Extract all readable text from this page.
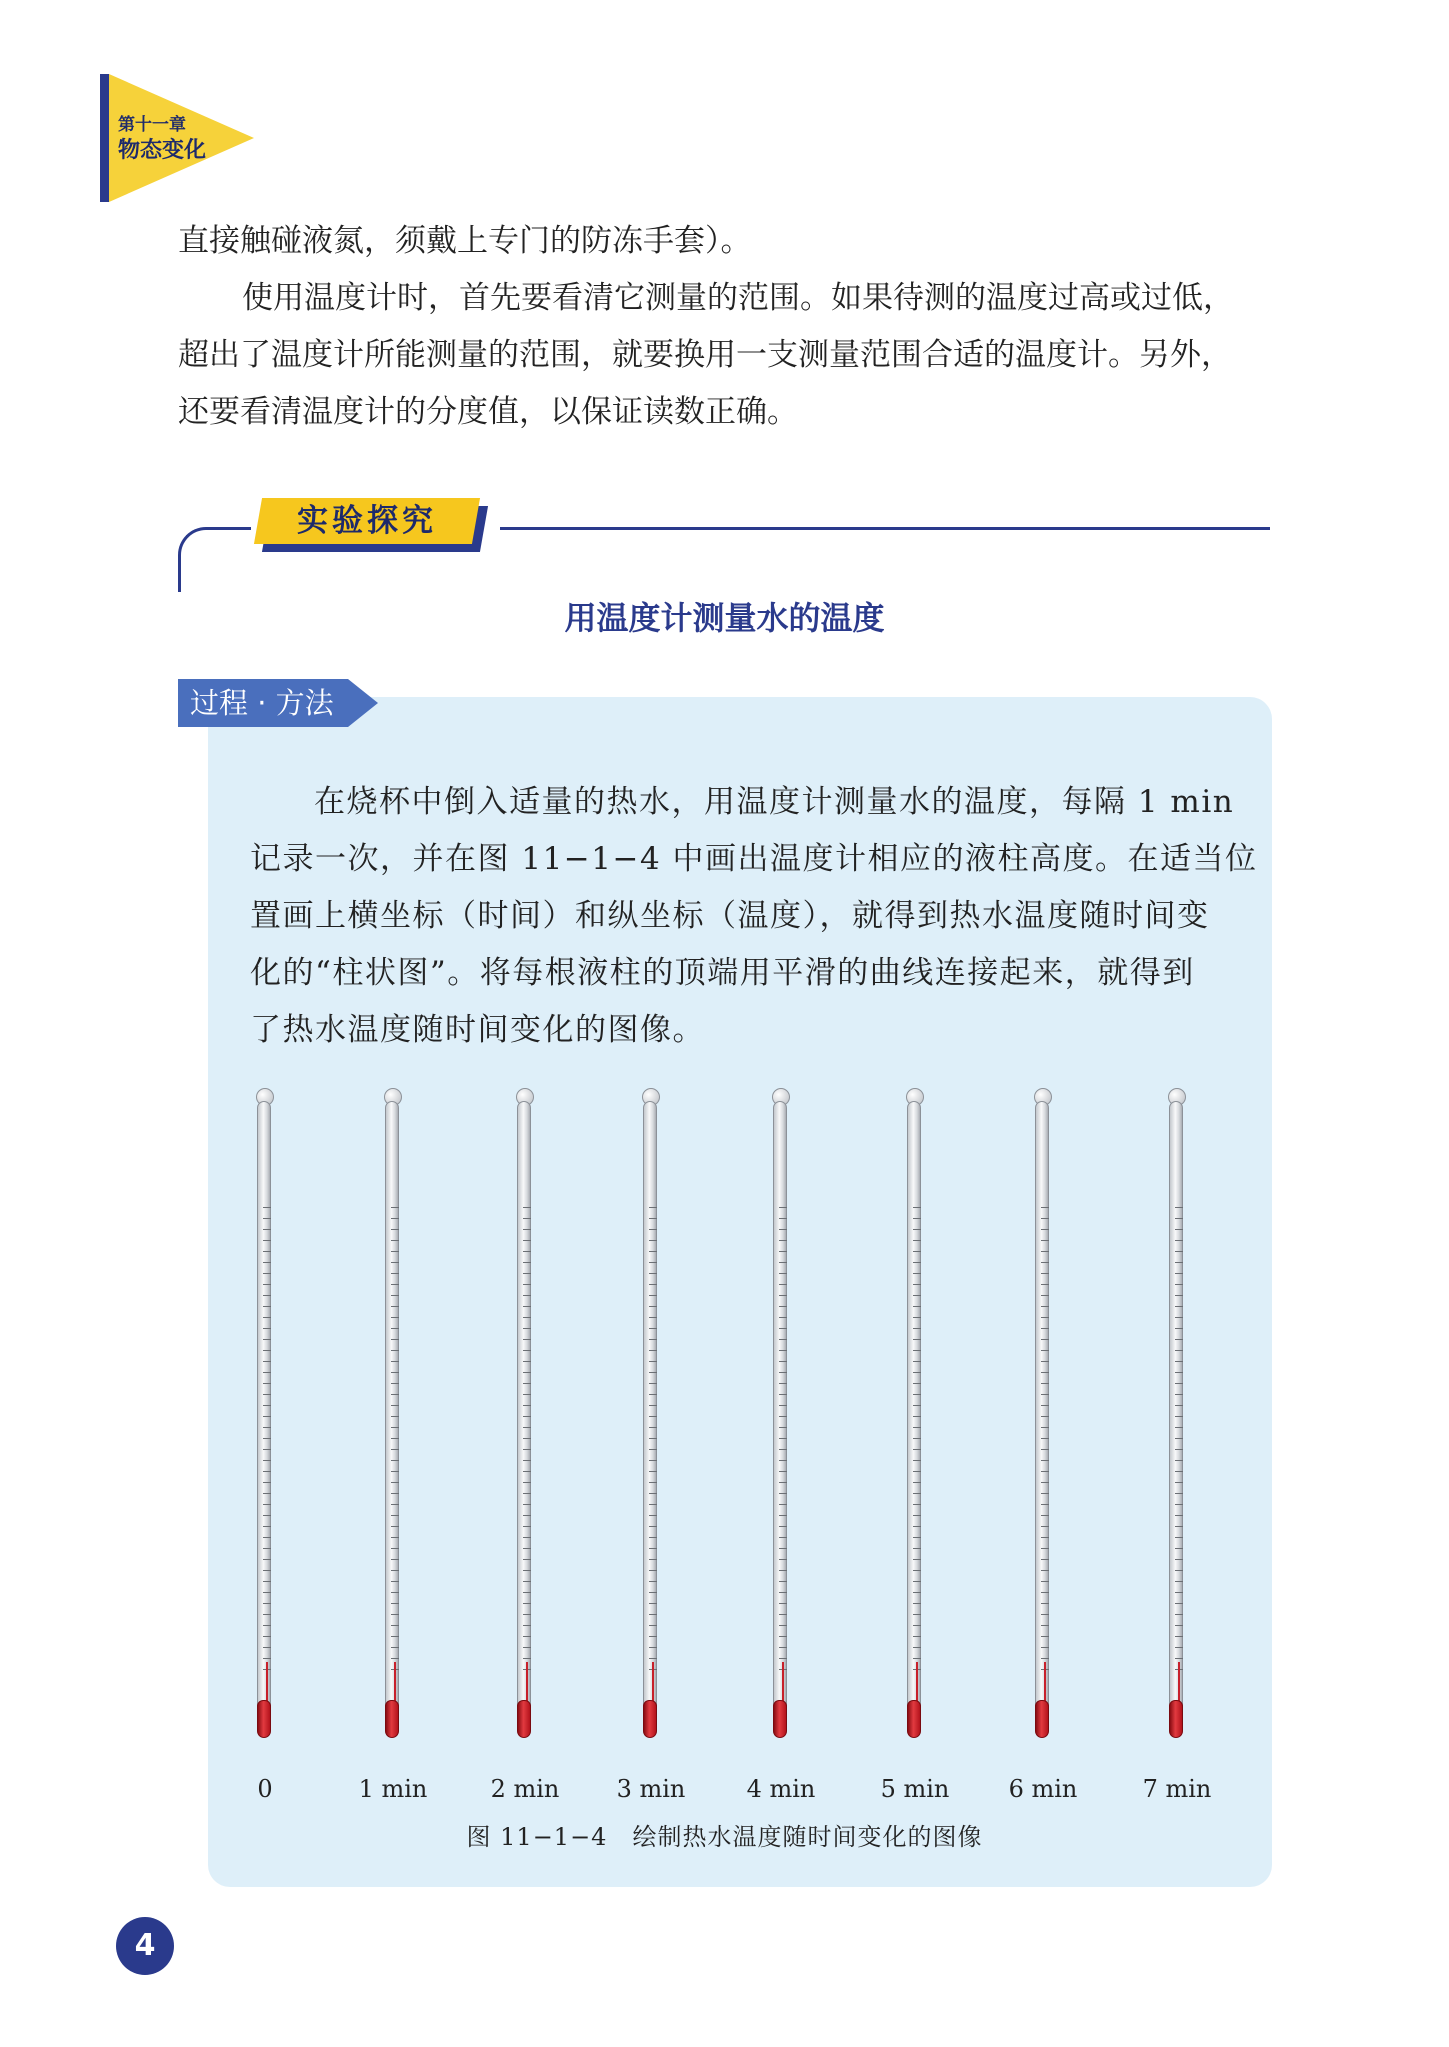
第十一章
物态变化

直接触碰液氮，须戴上专门的防冻手套）。

使用温度计时，首先要看清它测量的范围。如果待测的温度过高或过低，

超出了温度计所能测量的范围，就要换用一支测量范围合适的温度计。另外，

还要看清温度计的分度值，以保证读数正确。

实验探究
用温度计测量水的温度
过程 · 方法

在烧杯中倒入适量的热水，用温度计测量水的温度，每隔 1 min

记录一次，并在图 11−1−4 中画出温度计相应的液柱高度。在适当位

置画上横坐标（时间）和纵坐标（温度），就得到热水温度随时间变

化的“柱状图”。将每根液柱的顶端用平滑的曲线连接起来，就得到

了热水温度随时间变化的图像。

0	1 min	2 min	3 min	4 min	5 min	6 min	7 min
图 11−1−4　绘制热水温度随时间变化的图像
4
